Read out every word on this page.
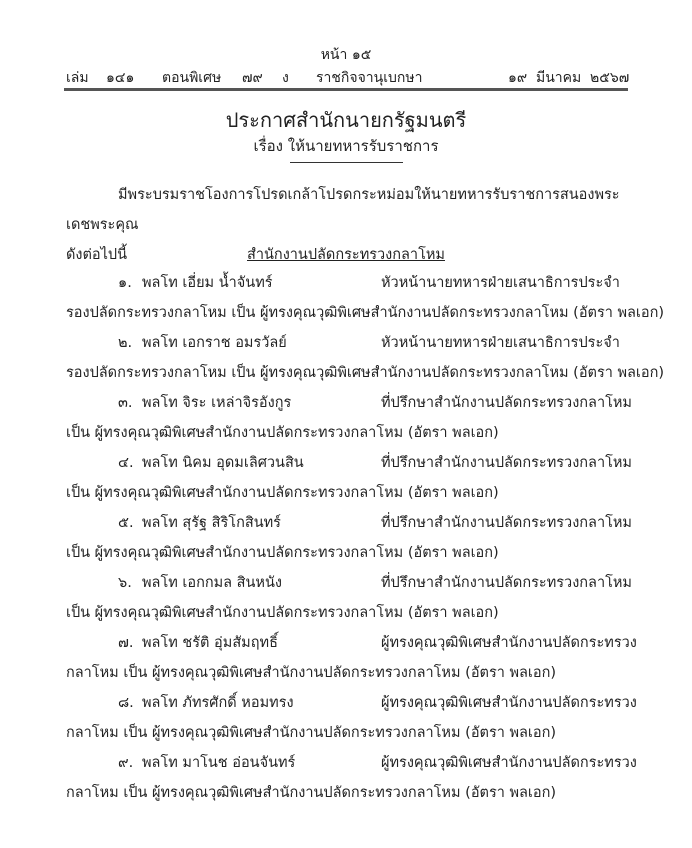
หน้า ๑๕
เล่ม ๑๔๑ ตอนพิเศษ ๗๙ ง ราชกิจจานุเบกษา	๑๙ มีนาคม ๒๕๖๗
ประกาศสำนักนายกรัฐมนตรี
เรื่อง ให้นายทหารรับราชการ
มีพระบรมราชโองการโปรดเกล้าโปรดกระหม่อมให้นายทหารรับราชการสนองพระเดชพระคุณ
ดังต่อไปนี้	สำนักงานปลัดกระทรวงกลาโหม
๑. พลโท เอี่ยม น้ำจันทร์	หัวหน้านายทหารฝ่ายเสนาธิการประจำ
รองปลัดกระทรวงกลาโหม เป็น ผู้ทรงคุณวุฒิพิเศษสำนักงานปลัดกระทรวงกลาโหม (อัตรา พลเอก)
๒. พลโท เอกราช อมรวัลย์	หัวหน้านายทหารฝ่ายเสนาธิการประจำ
รองปลัดกระทรวงกลาโหม เป็น ผู้ทรงคุณวุฒิพิเศษสำนักงานปลัดกระทรวงกลาโหม (อัตรา พลเอก)
๓. พลโท จิระ เหล่าจิรอังกูร	ที่ปรึกษาสำนักงานปลัดกระทรวงกลาโหม
เป็น ผู้ทรงคุณวุฒิพิเศษสำนักงานปลัดกระทรวงกลาโหม (อัตรา พลเอก)
๔. พลโท นิคม อุดมเลิศวนสิน	ที่ปรึกษาสำนักงานปลัดกระทรวงกลาโหม
เป็น ผู้ทรงคุณวุฒิพิเศษสำนักงานปลัดกระทรวงกลาโหม (อัตรา พลเอก)
๕. พลโท สุรัฐ สิริโกสินทร์	ที่ปรึกษาสำนักงานปลัดกระทรวงกลาโหม
เป็น ผู้ทรงคุณวุฒิพิเศษสำนักงานปลัดกระทรวงกลาโหม (อัตรา พลเอก)
๖. พลโท เอกกมล สินหนัง	ที่ปรึกษาสำนักงานปลัดกระทรวงกลาโหม
เป็น ผู้ทรงคุณวุฒิพิเศษสำนักงานปลัดกระทรวงกลาโหม (อัตรา พลเอก)
๗. พลโท ชรัติ อุ่มสัมฤทธิ์	ผู้ทรงคุณวุฒิพิเศษสำนักงานปลัดกระทรวง
กลาโหม เป็น ผู้ทรงคุณวุฒิพิเศษสำนักงานปลัดกระทรวงกลาโหม (อัตรา พลเอก)
๘. พลโท ภัทรศักดิ์ หอมทรง	ผู้ทรงคุณวุฒิพิเศษสำนักงานปลัดกระทรวง
กลาโหม เป็น ผู้ทรงคุณวุฒิพิเศษสำนักงานปลัดกระทรวงกลาโหม (อัตรา พลเอก)
๙. พลโท มาโนช อ่อนจันทร์	ผู้ทรงคุณวุฒิพิเศษสำนักงานปลัดกระทรวง
กลาโหม เป็น ผู้ทรงคุณวุฒิพิเศษสำนักงานปลัดกระทรวงกลาโหม (อัตรา พลเอก)
